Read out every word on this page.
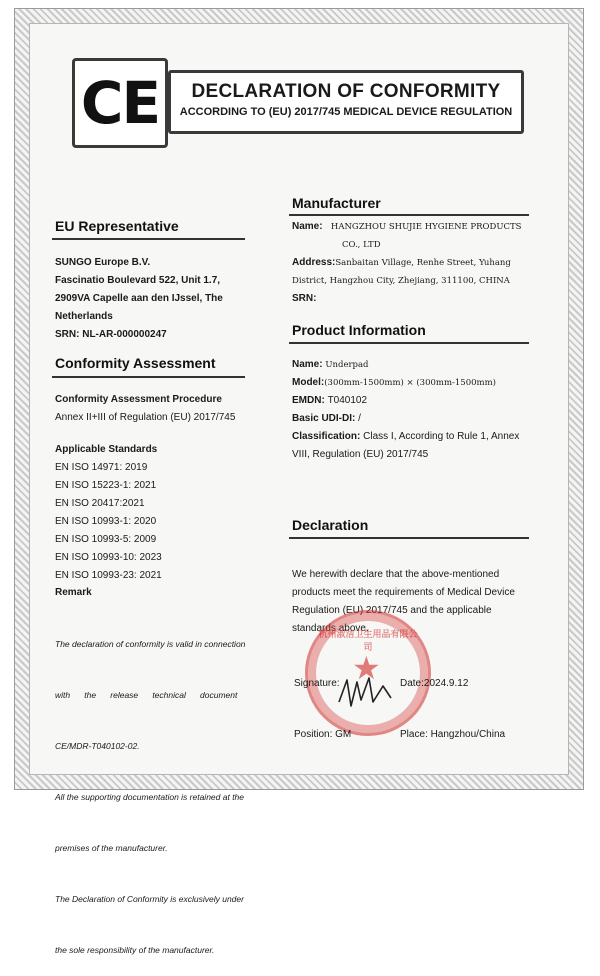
CE	DECLARATION OF CONFORMITY
ACCORDING TO (EU) 2017/745 MEDICAL DEVICE REGULATION
EU Representative
SUNGO Europe B.V.
Fascinatio Boulevard 522, Unit 1.7,
2909VA Capelle aan den IJssel, The
Netherlands
SRN: NL-AR-000000247
Conformity Assessment
Conformity Assessment Procedure
Annex II+III of Regulation (EU) 2017/745
Applicable Standards
EN ISO 14971: 2019
EN ISO 15223-1: 2021
EN ISO 20417:2021
EN ISO 10993-1: 2020
EN ISO 10993-5: 2009
EN ISO 10993-10: 2023
EN ISO 10993-23: 2021
Remark

The declaration of conformity is valid in connection

with      the      release      technical      document

CE/MDR-T040102-02.

All the supporting documentation is retained at the

premises of the manufacturer.

The Declaration of Conformity is exclusively under

the sole responsibility of the manufacturer.

Manufacturer
Name: HANGZHOU SHUJIE HYGIENE PRODUCTS
CO., LTD
Address:Sanbaitan Village, Renhe Street, Yuhang
District, Hangzhou City, Zhejiang, 311100, CHINA
SRN:
Product Information
Name: Underpad
Model:(300mm-1500mm) × (300mm-1500mm)
EMDN: T040102
Basic UDI-DI: /
Classification: Class I, According to Rule 1, Annex
VIII, Regulation (EU) 2017/745
Declaration
We herewith declare that the above-mentioned
products meet the requirements of Medical Device
Regulation (EU) 2017/745 and the applicable
standards above.
杭州淑洁卫生用品有限公司
★
Signature:	Date:2024.9.12
Position: GM	Place: Hangzhou/China
